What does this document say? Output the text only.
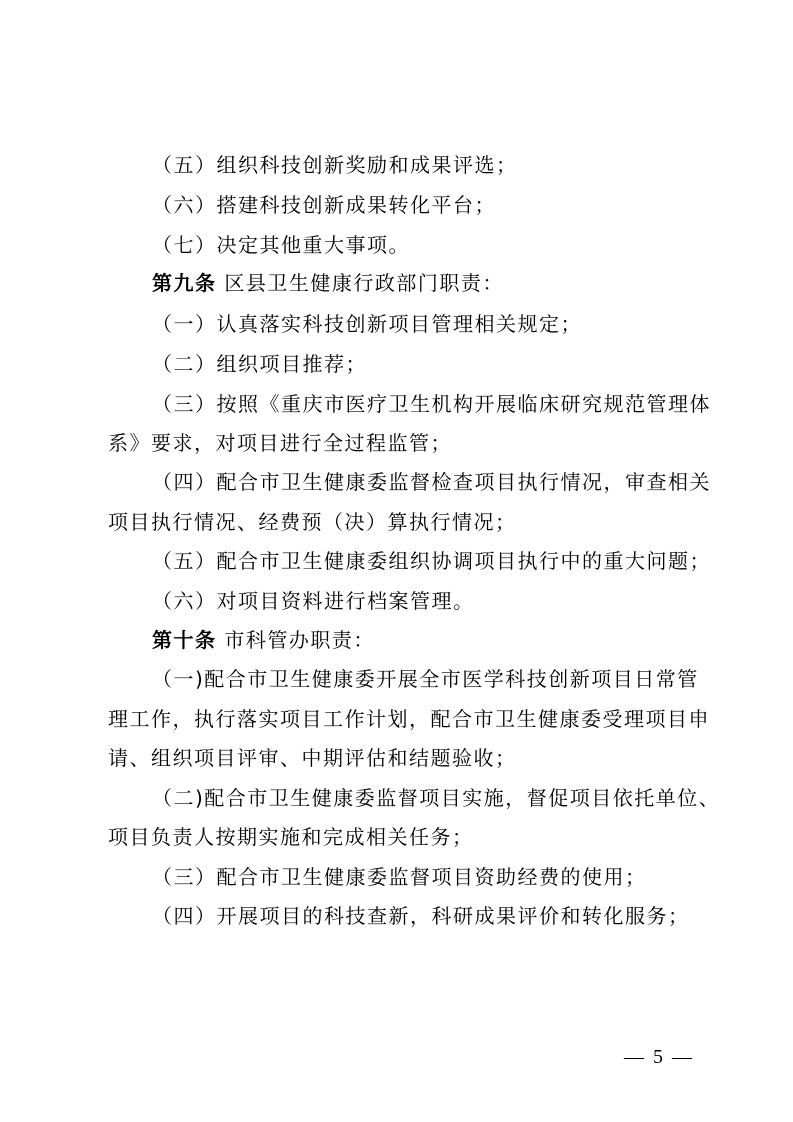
（五）组织科技创新奖励和成果评选；
（六）搭建科技创新成果转化平台；
（七）决定其他重大事项。
第九条 区县卫生健康行政部门职责：
（一）认真落实科技创新项目管理相关规定；
（二）组织项目推荐；
（三）按照《重庆市医疗卫生机构开展临床研究规范管理体
系》要求，对项目进行全过程监管；
（四）配合市卫生健康委监督检查项目执行情况，审查相关
项目执行情况、经费预（决）算执行情况；
（五）配合市卫生健康委组织协调项目执行中的重大问题；
（六）对项目资料进行档案管理。
第十条 市科管办职责：
（一)配合市卫生健康委开展全市医学科技创新项目日常管
理工作，执行落实项目工作计划，配合市卫生健康委受理项目申
请、组织项目评审、中期评估和结题验收；
（二)配合市卫生健康委监督项目实施，督促项目依托单位、
项目负责人按期实施和完成相关任务；
（三）配合市卫生健康委监督项目资助经费的使用；
（四）开展项目的科技查新，科研成果评价和转化服务；
— 5 —
